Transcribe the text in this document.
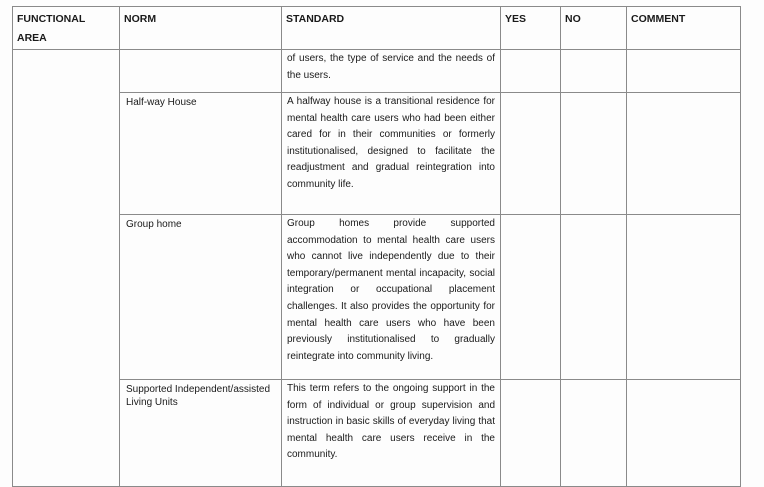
FUNCTIONAL AREA	NORM	STANDARD	YES	NO	COMMENT
		of users, the type of service and the needs of the users.			
	Half-way House	A halfway house is a transitional residence for mental health care users who had been either cared for in their communities or formerly institutionalised, designed to facilitate the readjustment and gradual reintegration into community life.			
	Group home	Group homes provide supported accommodation to mental health care users who cannot live independently due to their temporary/permanent mental incapacity, social integration or occupational placement challenges. It also provides the opportunity for mental health care users who have been previously institutionalised to gradually reintegrate into community living.			
	Supported Independent/assisted Living Units	This term refers to the ongoing support in the form of individual or group supervision and instruction in basic skills of everyday living that mental health care users receive in the community.			
